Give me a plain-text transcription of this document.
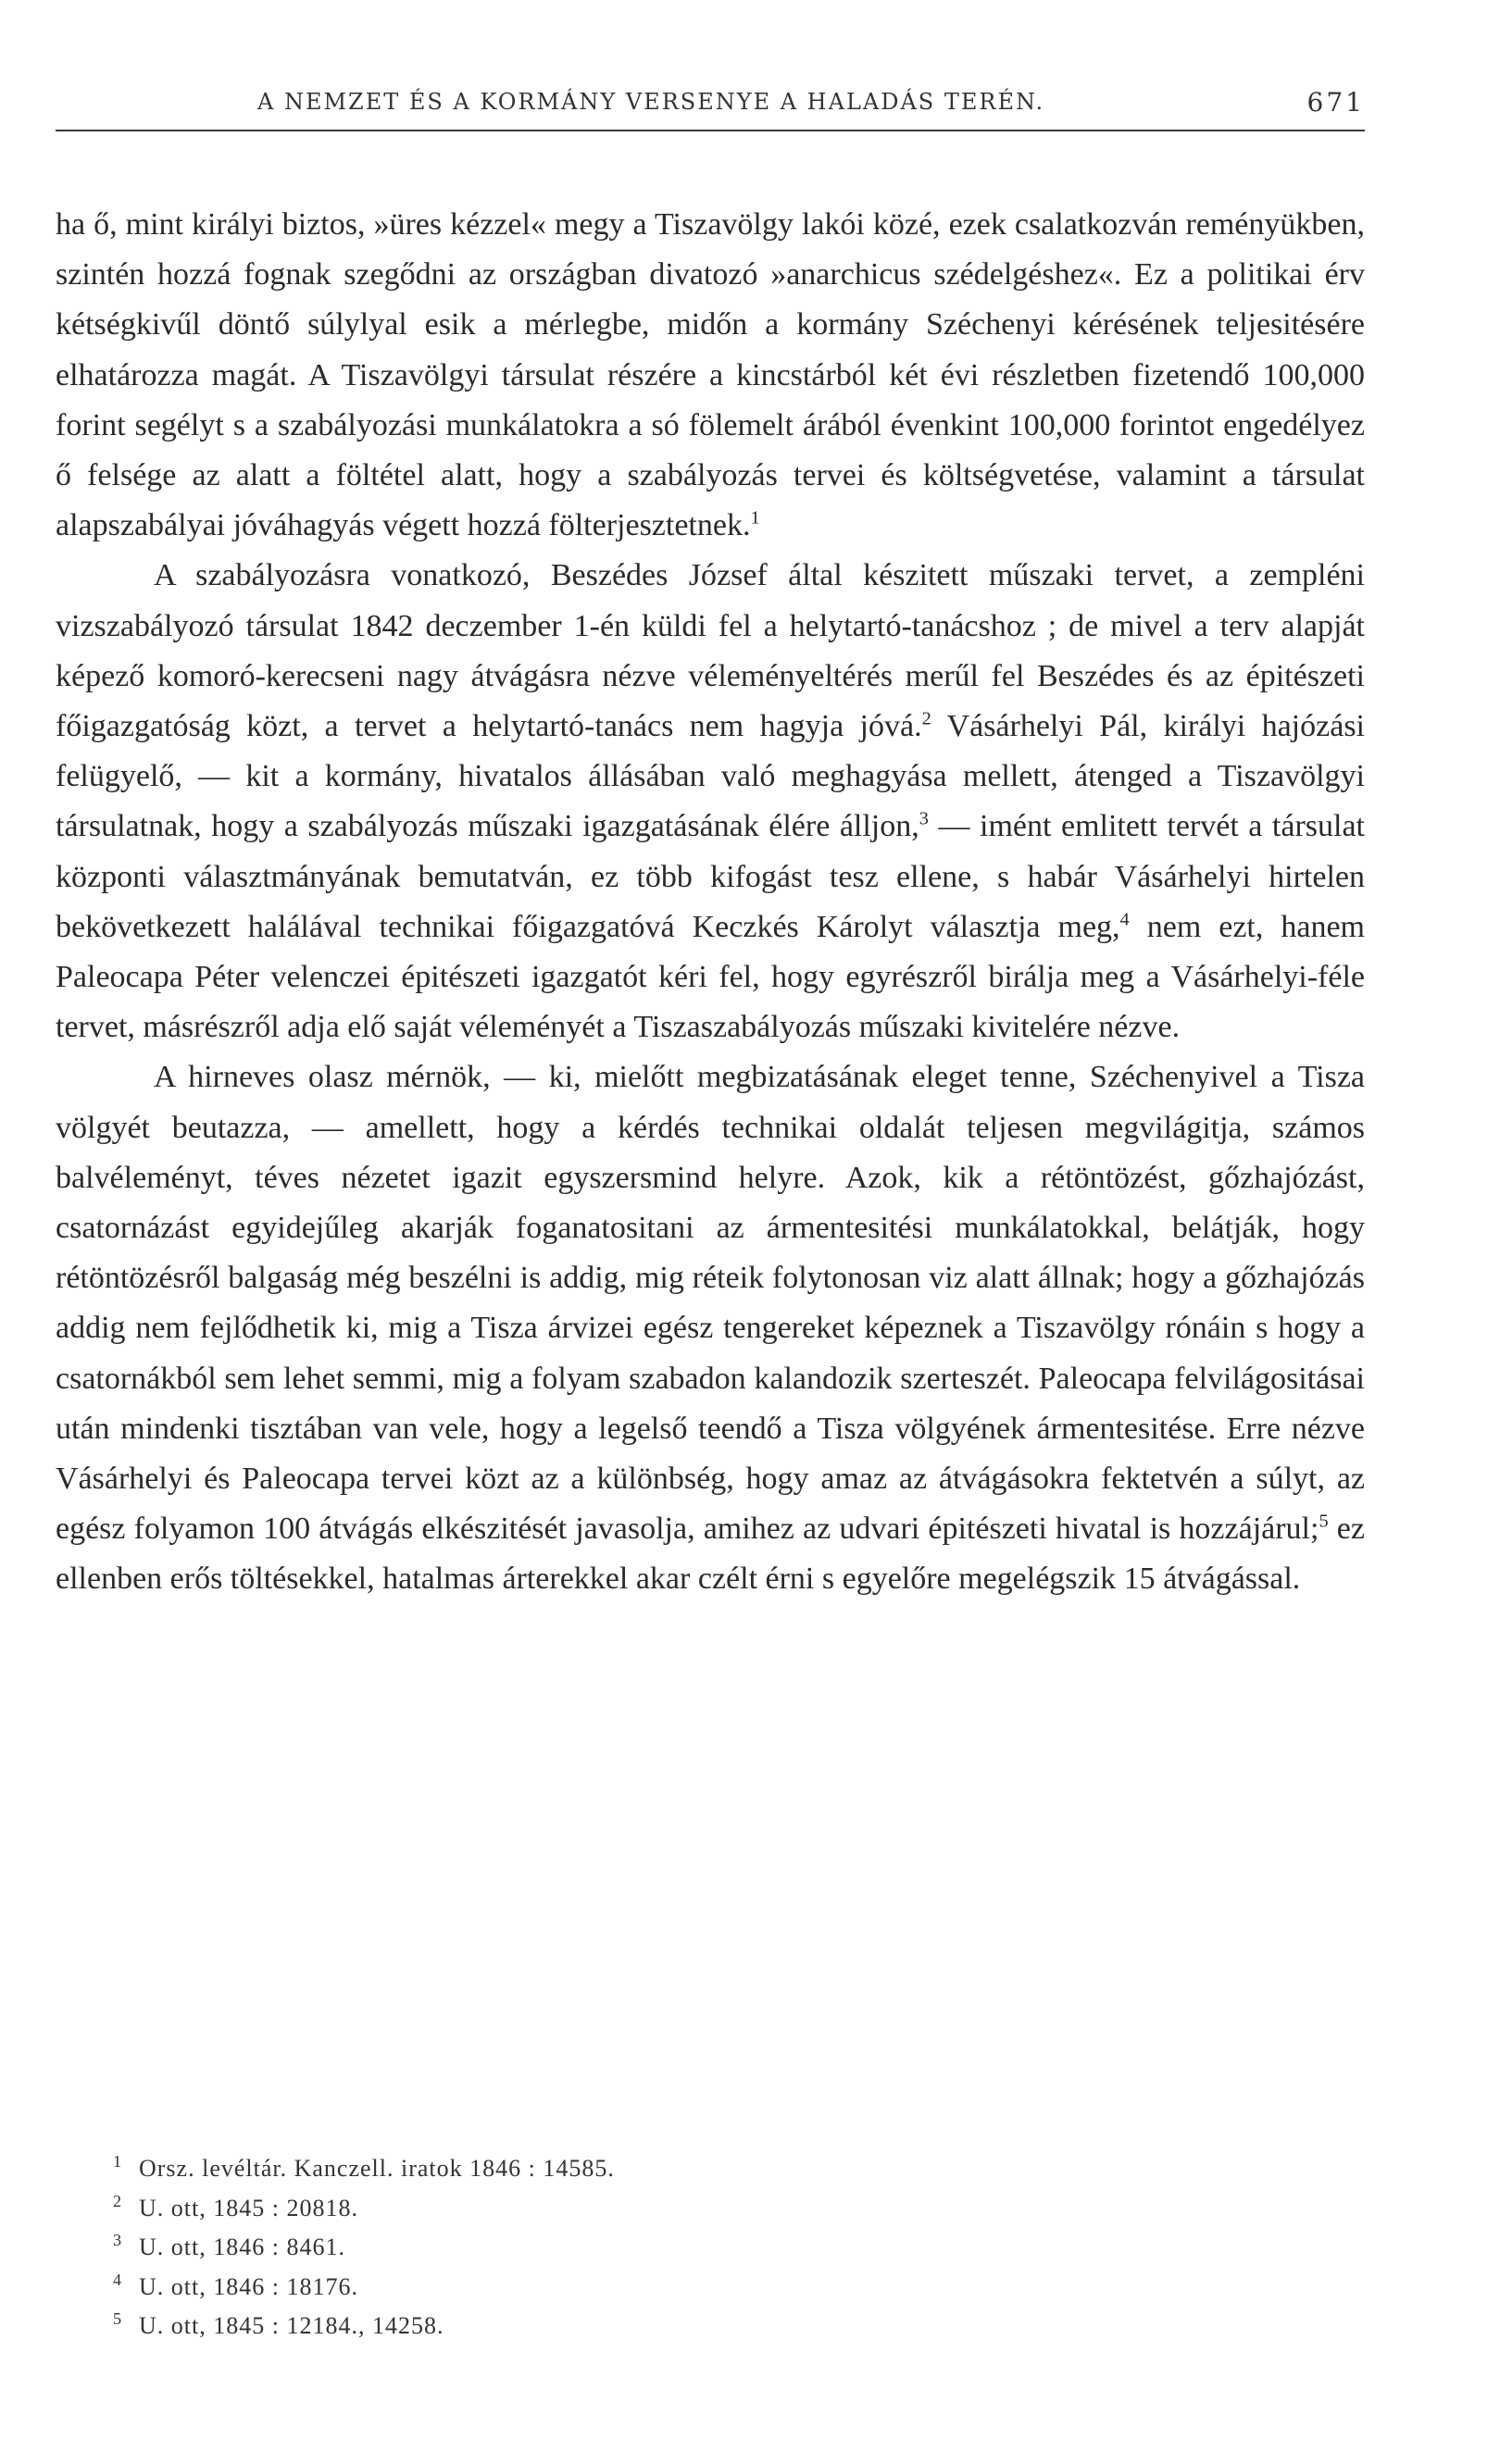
A NEMZET ÉS A KORMÁNY VERSENYE A HALADÁS TERÉN.	671

ha ő, mint királyi biztos, »üres kézzel« megy a Tiszavölgy lakói közé, ezek csalatkozván reményükben, szintén hozzá fognak szegődni az országban divatozó »anarchicus szédelgéshez«. Ez a politikai érv kétségkivűl döntő súlylyal esik a mérlegbe, midőn a kormány Széchenyi kérésének teljesitésére elhatározza magát. A Tiszavölgyi társulat részére a kincstárból két évi részletben fizetendő 100,000 forint segélyt s a szabályozási munkálatokra a só fölemelt árából évenkint 100,000 forintot engedélyez ő felsége az alatt a föltétel alatt, hogy a szabályozás tervei és költségvetése, valamint a társulat alapszabályai jóváhagyás végett hozzá fölterjesztetnek.$^1$

A szabályozásra vonatkozó, Beszédes József által készitett műszaki tervet, a zempléni vizszabályozó társulat 1842 deczember 1-én küldi fel a helytartó-tanácshoz ; de mivel a terv alapját képező komoró-kerecseni nagy átvágásra nézve véleményeltérés merűl fel Beszédes és az épitészeti főigazgatóság közt, a tervet a helytartó-tanács nem hagyja jóvá.$^2$ Vásárhelyi Pál, királyi hajózási felügyelő, — kit a kormány, hivatalos állásában való meghagyása mellett, átenged a Tiszavölgyi társulatnak, hogy a szabályozás műszaki igazgatásának élére álljon,$^3$ — imént emlitett tervét a társulat központi választmányának bemutatván, ez több kifogást tesz ellene, s habár Vásárhelyi hirtelen bekövetkezett halálával technikai főigazgatóvá Keczkés Károlyt választja meg,$^4$ nem ezt, hanem Paleocapa Péter velenczei épitészeti igazgatót kéri fel, hogy egyrészről birálja meg a Vásárhelyi-féle tervet, másrészről adja elő saját véleményét a Tiszaszabályozás műszaki kivitelére nézve.

A hirneves olasz mérnök, — ki, mielőtt megbizatásának eleget tenne, Széchenyivel a Tisza völgyét beutazza, — amellett, hogy a kérdés technikai oldalát teljesen megvilágitja, számos balvéleményt, téves nézetet igazit egyszersmind helyre. Azok, kik a rétöntözést, gőzhajózást, csatornázást egyidejűleg akarják foganatositani az ármentesitési munkálatokkal, belátják, hogy rétöntözésről balgaság még beszélni is addig, mig réteik folytonosan viz alatt állnak; hogy a gőzhajózás addig nem fejlődhetik ki, mig a Tisza árvizei egész tengereket képeznek a Tiszavölgy rónáin s hogy a csatornákból sem lehet semmi, mig a folyam szabadon kalandozik szerteszét. Paleocapa felvilágositásai után mindenki tisztában van vele, hogy a legelső teendő a Tisza völgyének ármentesitése. Erre nézve Vásárhelyi és Paleocapa tervei közt az a különbség, hogy amaz az átvágásokra fektetvén a súlyt, az egész folyamon 100 átvágás elkészitését javasolja, amihez az udvari épitészeti hivatal is hozzájárul;$^5$ ez ellenben erős töltésekkel, hatalmas árterekkel akar czélt érni s egyelőre megelégszik 15 átvágással.

1 Orsz. levéltár. Kanczell. iratok 1846 : 14585.
2 U. ott, 1845 : 20818.
3 U. ott, 1846 : 8461.
4 U. ott, 1846 : 18176.
5 U. ott, 1845 : 12184., 14258.
